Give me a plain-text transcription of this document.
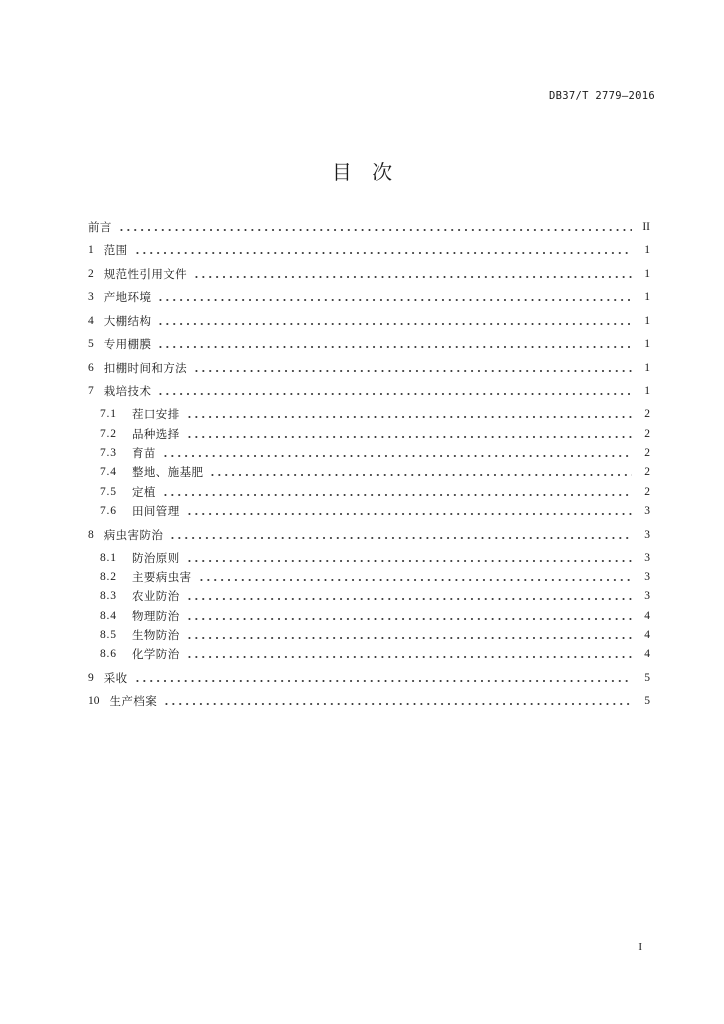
DB37/T 2779—2016
目 次
前言	II
1 范围	1
2 规范性引用文件	1
3 产地环境	1
4 大棚结构	1
5 专用棚膜	1
6 扣棚时间和方法	1
7 栽培技术	1
7.1	茬口安排	2
7.2	品种选择	2
7.3	育苗	2
7.4	整地、施基肥	2
7.5	定植	2
7.6	田间管理	3
8 病虫害防治	3
8.1	防治原则	3
8.2	主要病虫害	3
8.3	农业防治	3
8.4	物理防治	4
8.5	生物防治	4
8.6	化学防治	4
9 采收	5
10 生产档案	5
I
